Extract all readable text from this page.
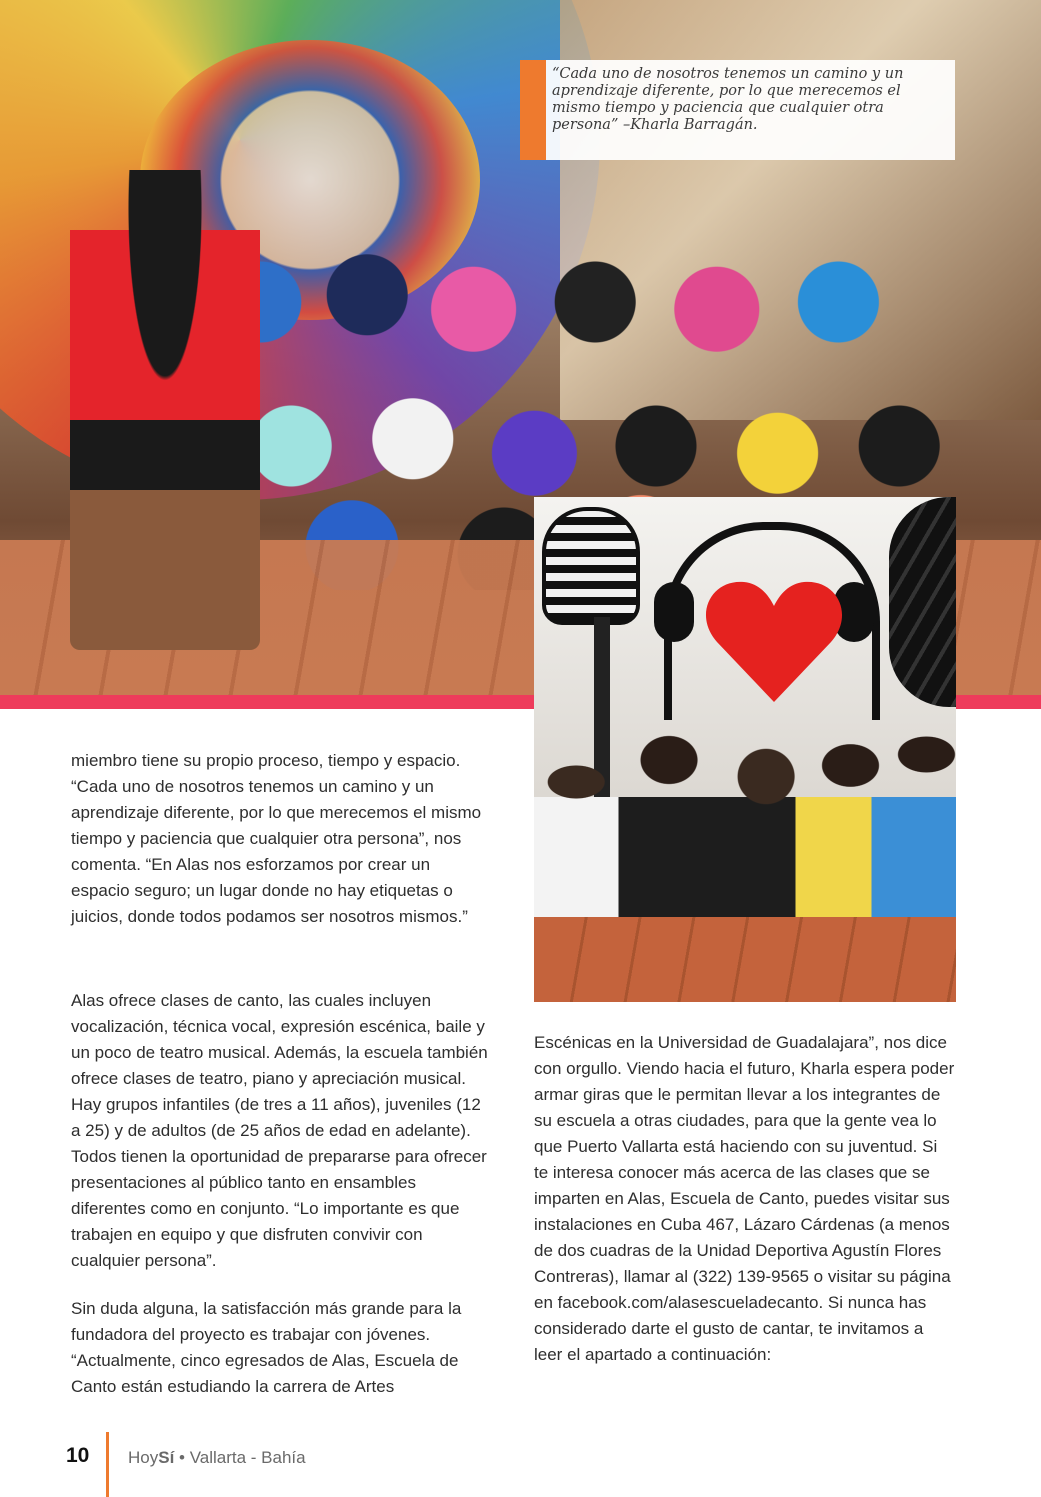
“Cada uno de nosotros tenemos un camino y un aprendizaje diferente, por lo que merecemos el mismo tiempo y paciencia que cualquier otra persona” –Kharla Barragán.
miembro tiene su propio proceso, tiempo y espacio. “Cada uno de nosotros tenemos un camino y un aprendizaje diferente, por lo que merecemos el mismo tiempo y paciencia que cualquier otra persona”, nos comenta. “En Alas nos esforzamos por crear un espacio seguro; un lugar donde no hay etiquetas o juicios, donde todos podamos ser nosotros mismos.”
Alas ofrece clases de canto, las cuales incluyen vocalización, técnica vocal, expresión escénica, baile y un poco de teatro musical. Además, la escuela también ofrece clases de teatro, piano y apreciación musical. Hay grupos infantiles (de tres a 11 años), juveniles (12 a 25) y de adultos (de 25 años de edad en adelante). Todos tienen la oportunidad de prepararse para ofrecer presentaciones al público tanto en ensambles diferentes como en conjunto. “Lo importante es que trabajen en equipo y que disfruten convivir con cualquier persona”.
Sin duda alguna, la satisfacción más grande para la fundadora del proyecto es trabajar con jóvenes. “Actualmente, cinco egresados de Alas, Escuela de Canto están estudiando la carrera de Artes
Escénicas en la Universidad de Guadalajara”, nos dice con orgullo. Viendo hacia el futuro, Kharla espera poder armar giras que le permitan llevar a los integrantes de su escuela a otras ciudades, para que la gente vea lo que Puerto Vallarta está haciendo con su juventud. Si te interesa conocer más acerca de las clases que se imparten en Alas, Escuela de Canto, puedes visitar sus instalaciones en Cuba 467, Lázaro Cárdenas (a menos de dos cuadras de la Unidad Deportiva Agustín Flores Contreras), llamar al (322) 139-9565 o visitar su página en facebook.com/alasescueladecanto. Si nunca has considerado darte el gusto de cantar, te invitamos a leer el apartado a continuación:
10 HoySí • Vallarta - Bahía
